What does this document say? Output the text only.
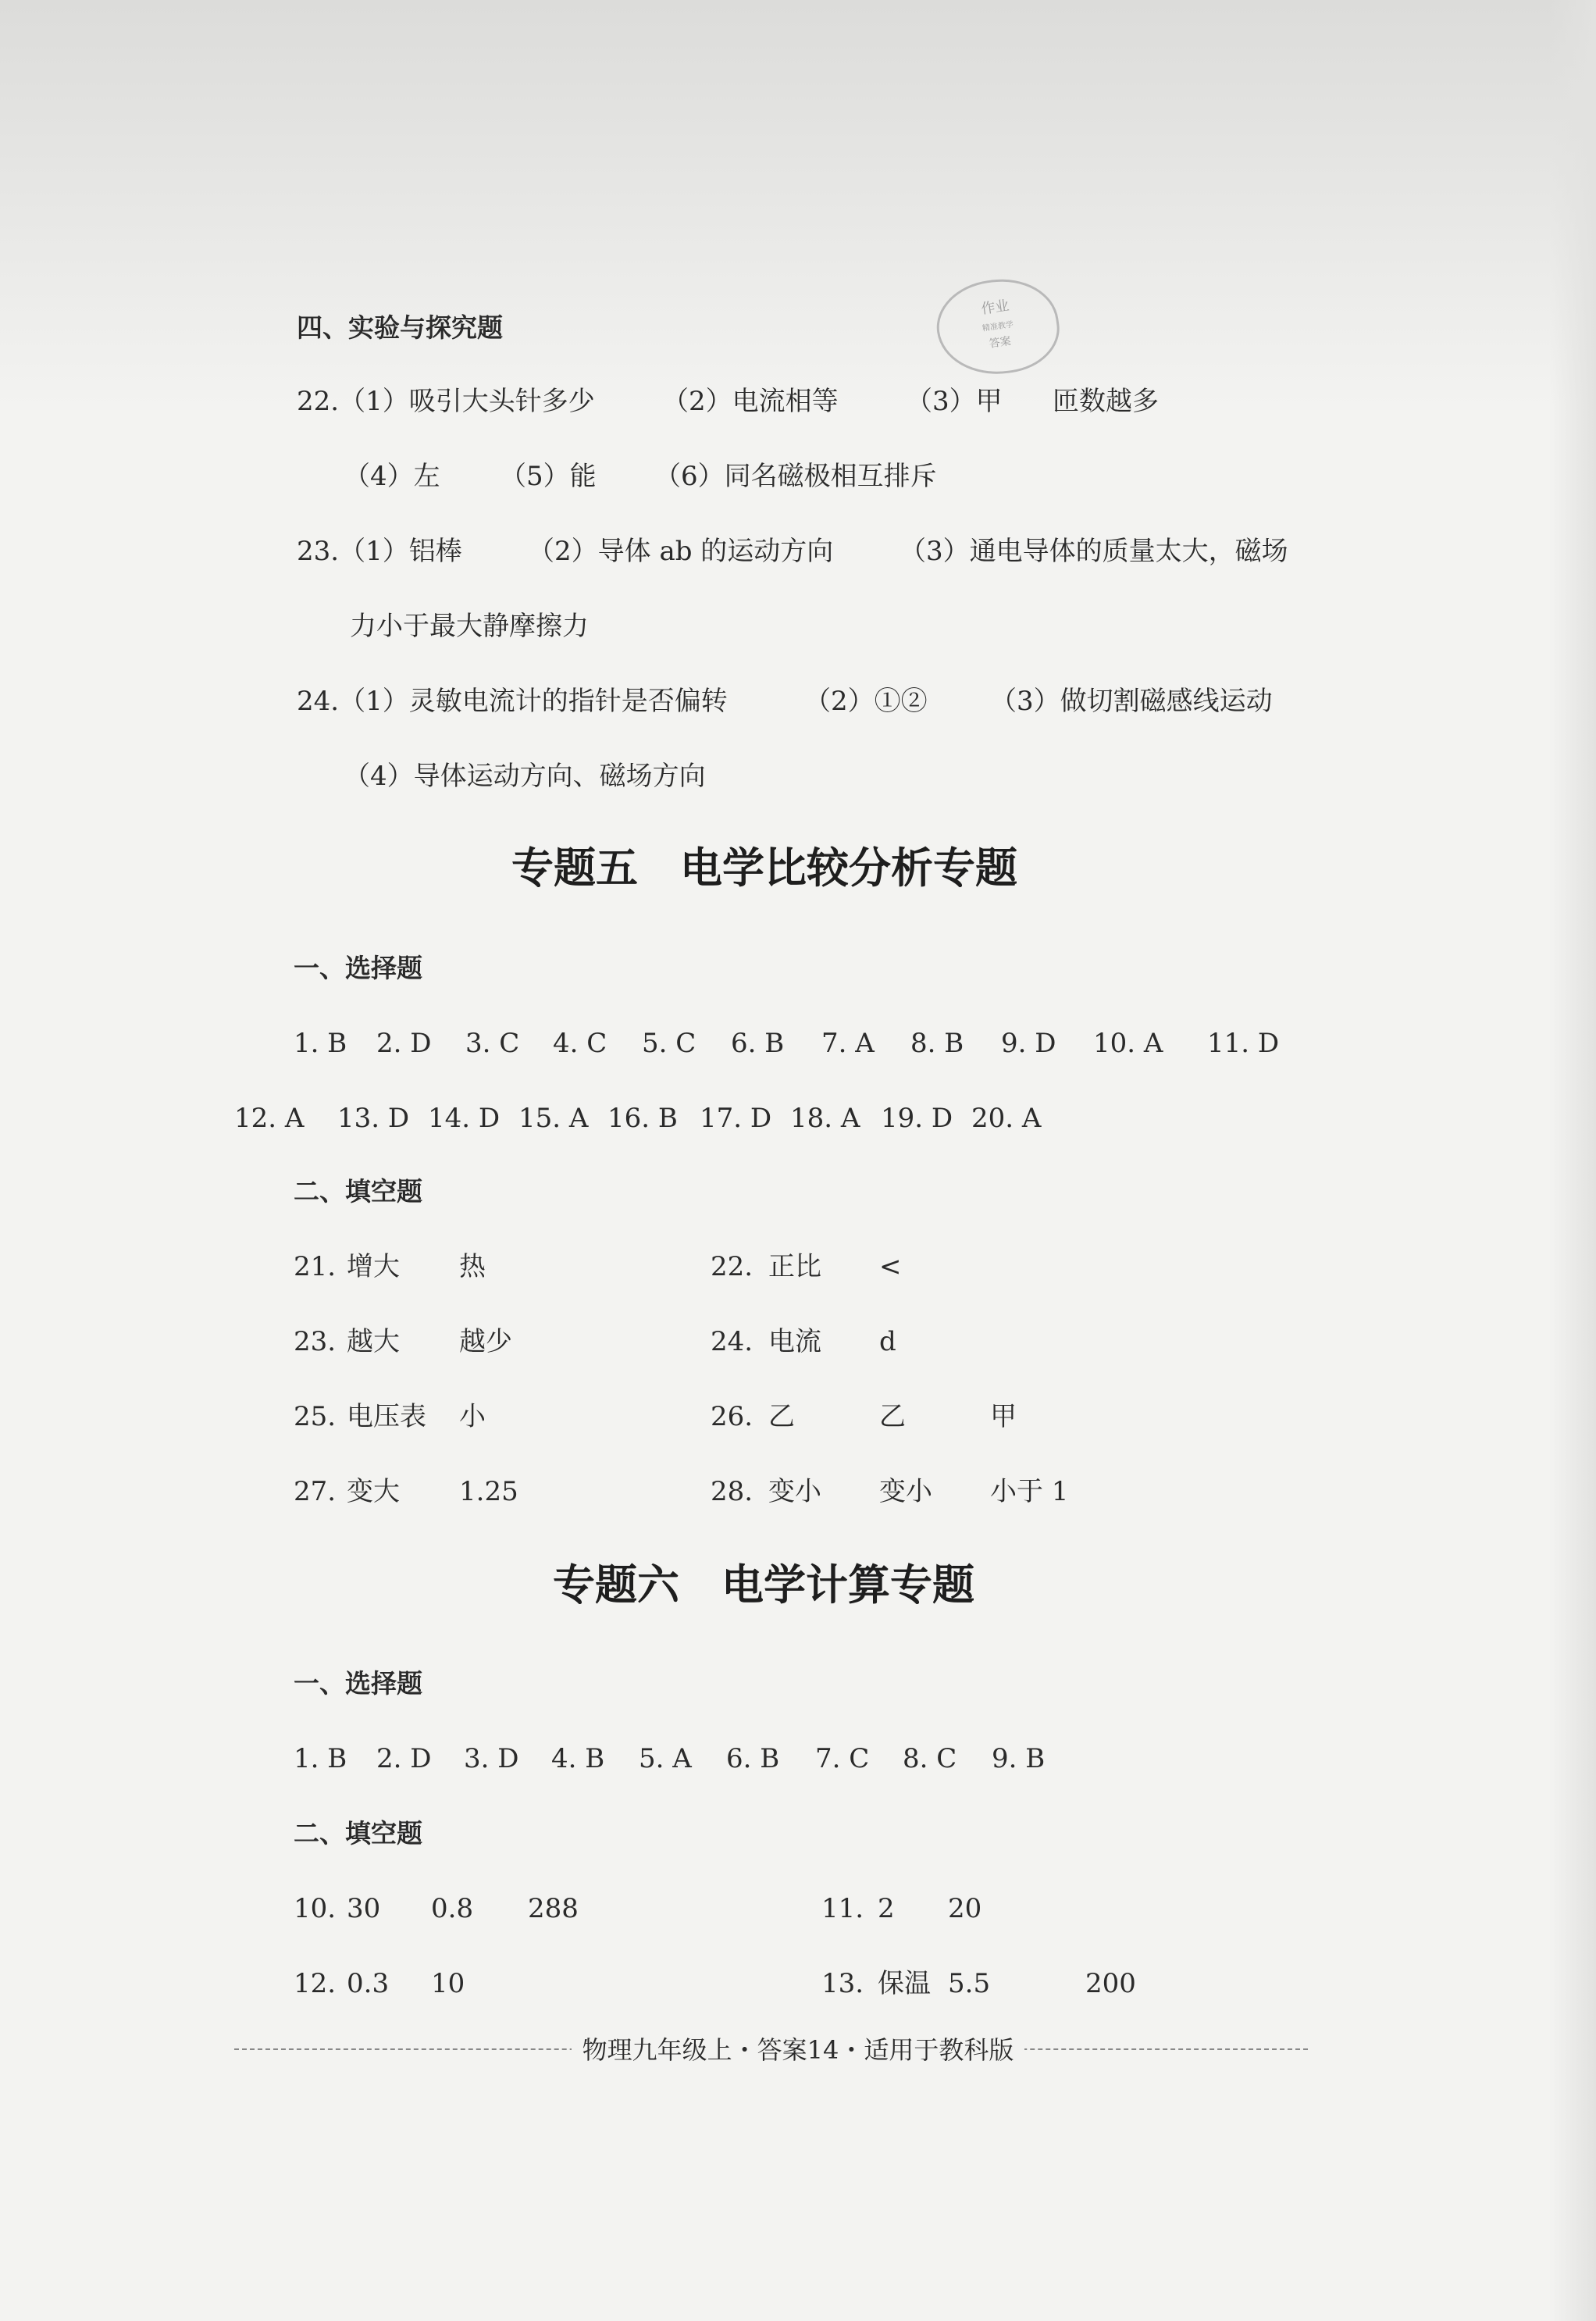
四、实验与探究题
作业
精准教学
答案
22.（1）吸引大头针多少	（2）电流相等	（3）甲 匝数越多
（4）左 （5）能 （6）同名磁极相互排斥
23.（1）铝棒 （2）导体 ab 的运动方向 （3）通电导体的质量太大，磁场
力小于最大静摩擦力
24.（1）灵敏电流计的指针是否偏转	（2）①② （3）做切割磁感线运动
（4）导体运动方向、磁场方向
专题五　电学比较分析专题
一、选择题
1. B 2. D 3. C 4. C 5. C 6. B 7. A 8. B 9. D 10. A 11. D
12. A 13. D 14. D 15. A 16. B 17. D 18. A 19. D 20. A
二、填空题
21. 增大 热	22. 正比 <
23. 越大 越少	24. 电流 d
25. 电压表 小	26. 乙	乙	甲
27. 变大 1.25	28. 变小 变小 小于 1
专题六　电学计算专题
一、选择题
1. B 2. D 3. D 4. B 5. A 6. B 7. C 8. C 9. B
二、填空题
10. 30 0.8 288	11. 2 20
12. 0.3 10	13. 保温 5.5	200
物理九年级上・答案14・适用于教科版
